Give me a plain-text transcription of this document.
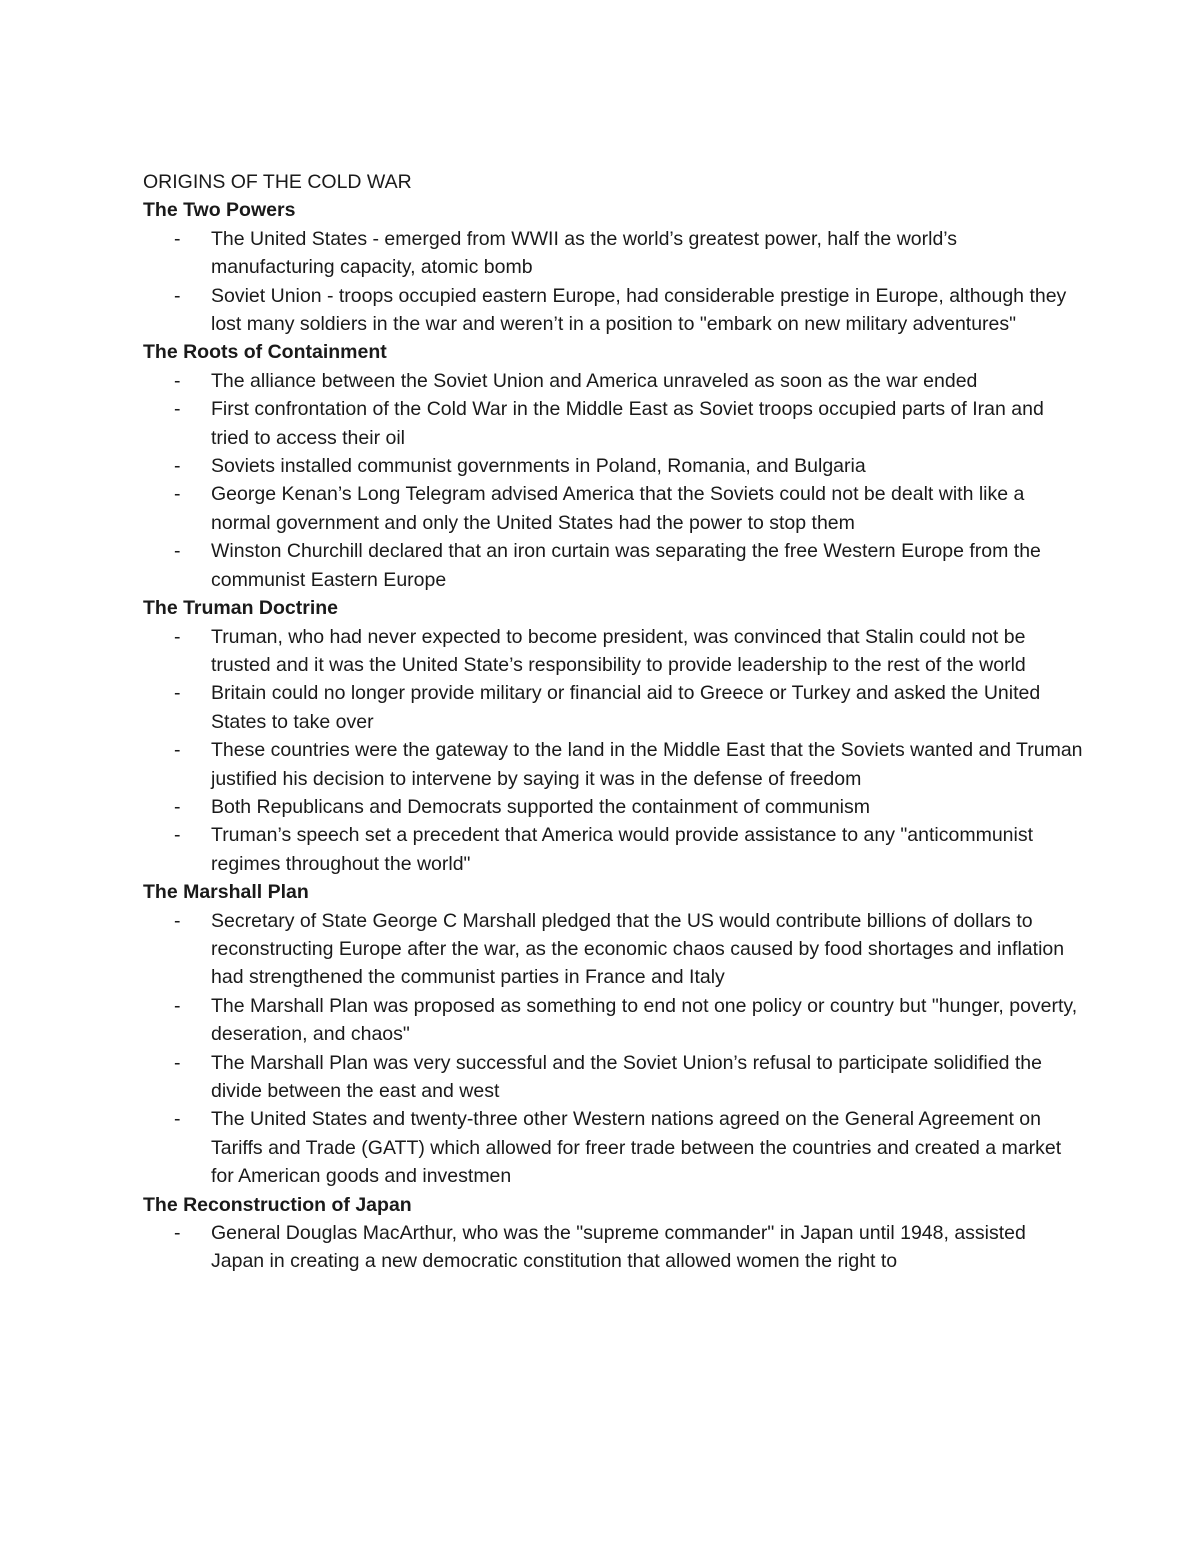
ORIGINS OF THE COLD WAR
The Two Powers
- The United States - emerged from WWII as the world’s greatest power, half the world’s manufacturing capacity, atomic bomb
- Soviet Union - troops occupied eastern Europe, had considerable prestige in Europe, although they lost many soldiers in the war and weren’t in a position to "embark on new military adventures"
The Roots of Containment
- The alliance between the Soviet Union and America unraveled as soon as the war ended
- First confrontation of the Cold War in the Middle East as Soviet troops occupied parts of Iran and tried to access their oil
- Soviets installed communist governments in Poland, Romania, and Bulgaria
- George Kenan’s Long Telegram advised America that the Soviets could not be dealt with like a normal government and only the United States had the power to stop them
- Winston Churchill declared that an iron curtain was separating the free Western Europe from the communist Eastern Europe
The Truman Doctrine
- Truman, who had never expected to become president, was convinced that Stalin could not be trusted and it was the United State’s responsibility to provide leadership to the rest of the world
- Britain could no longer provide military or financial aid to Greece or Turkey and asked the United States to take over
- These countries were the gateway to the land in the Middle East that the Soviets wanted and Truman justified his decision to intervene by saying it was in the defense of freedom
- Both Republicans and Democrats supported the containment of communism
- Truman’s speech set a precedent that America would provide assistance to any "anticommunist regimes throughout the world"
The Marshall Plan
- Secretary of State George C Marshall pledged that the US would contribute billions of dollars to reconstructing Europe after the war, as the economic chaos caused by food shortages and inflation had strengthened the communist parties in France and Italy
- The Marshall Plan was proposed as something to end not one policy or country but "hunger, poverty, deseration, and chaos"
- The Marshall Plan was very successful and the Soviet Union’s refusal to participate solidified the divide between the east and west
- The United States and twenty-three other Western nations agreed on the General Agreement on Tariffs and Trade (GATT) which allowed for freer trade between the countries and created a market for American goods and investmen
The Reconstruction of Japan
- General Douglas MacArthur, who was the "supreme commander" in Japan until 1948, assisted Japan in creating a new democratic constitution that allowed women the right to
